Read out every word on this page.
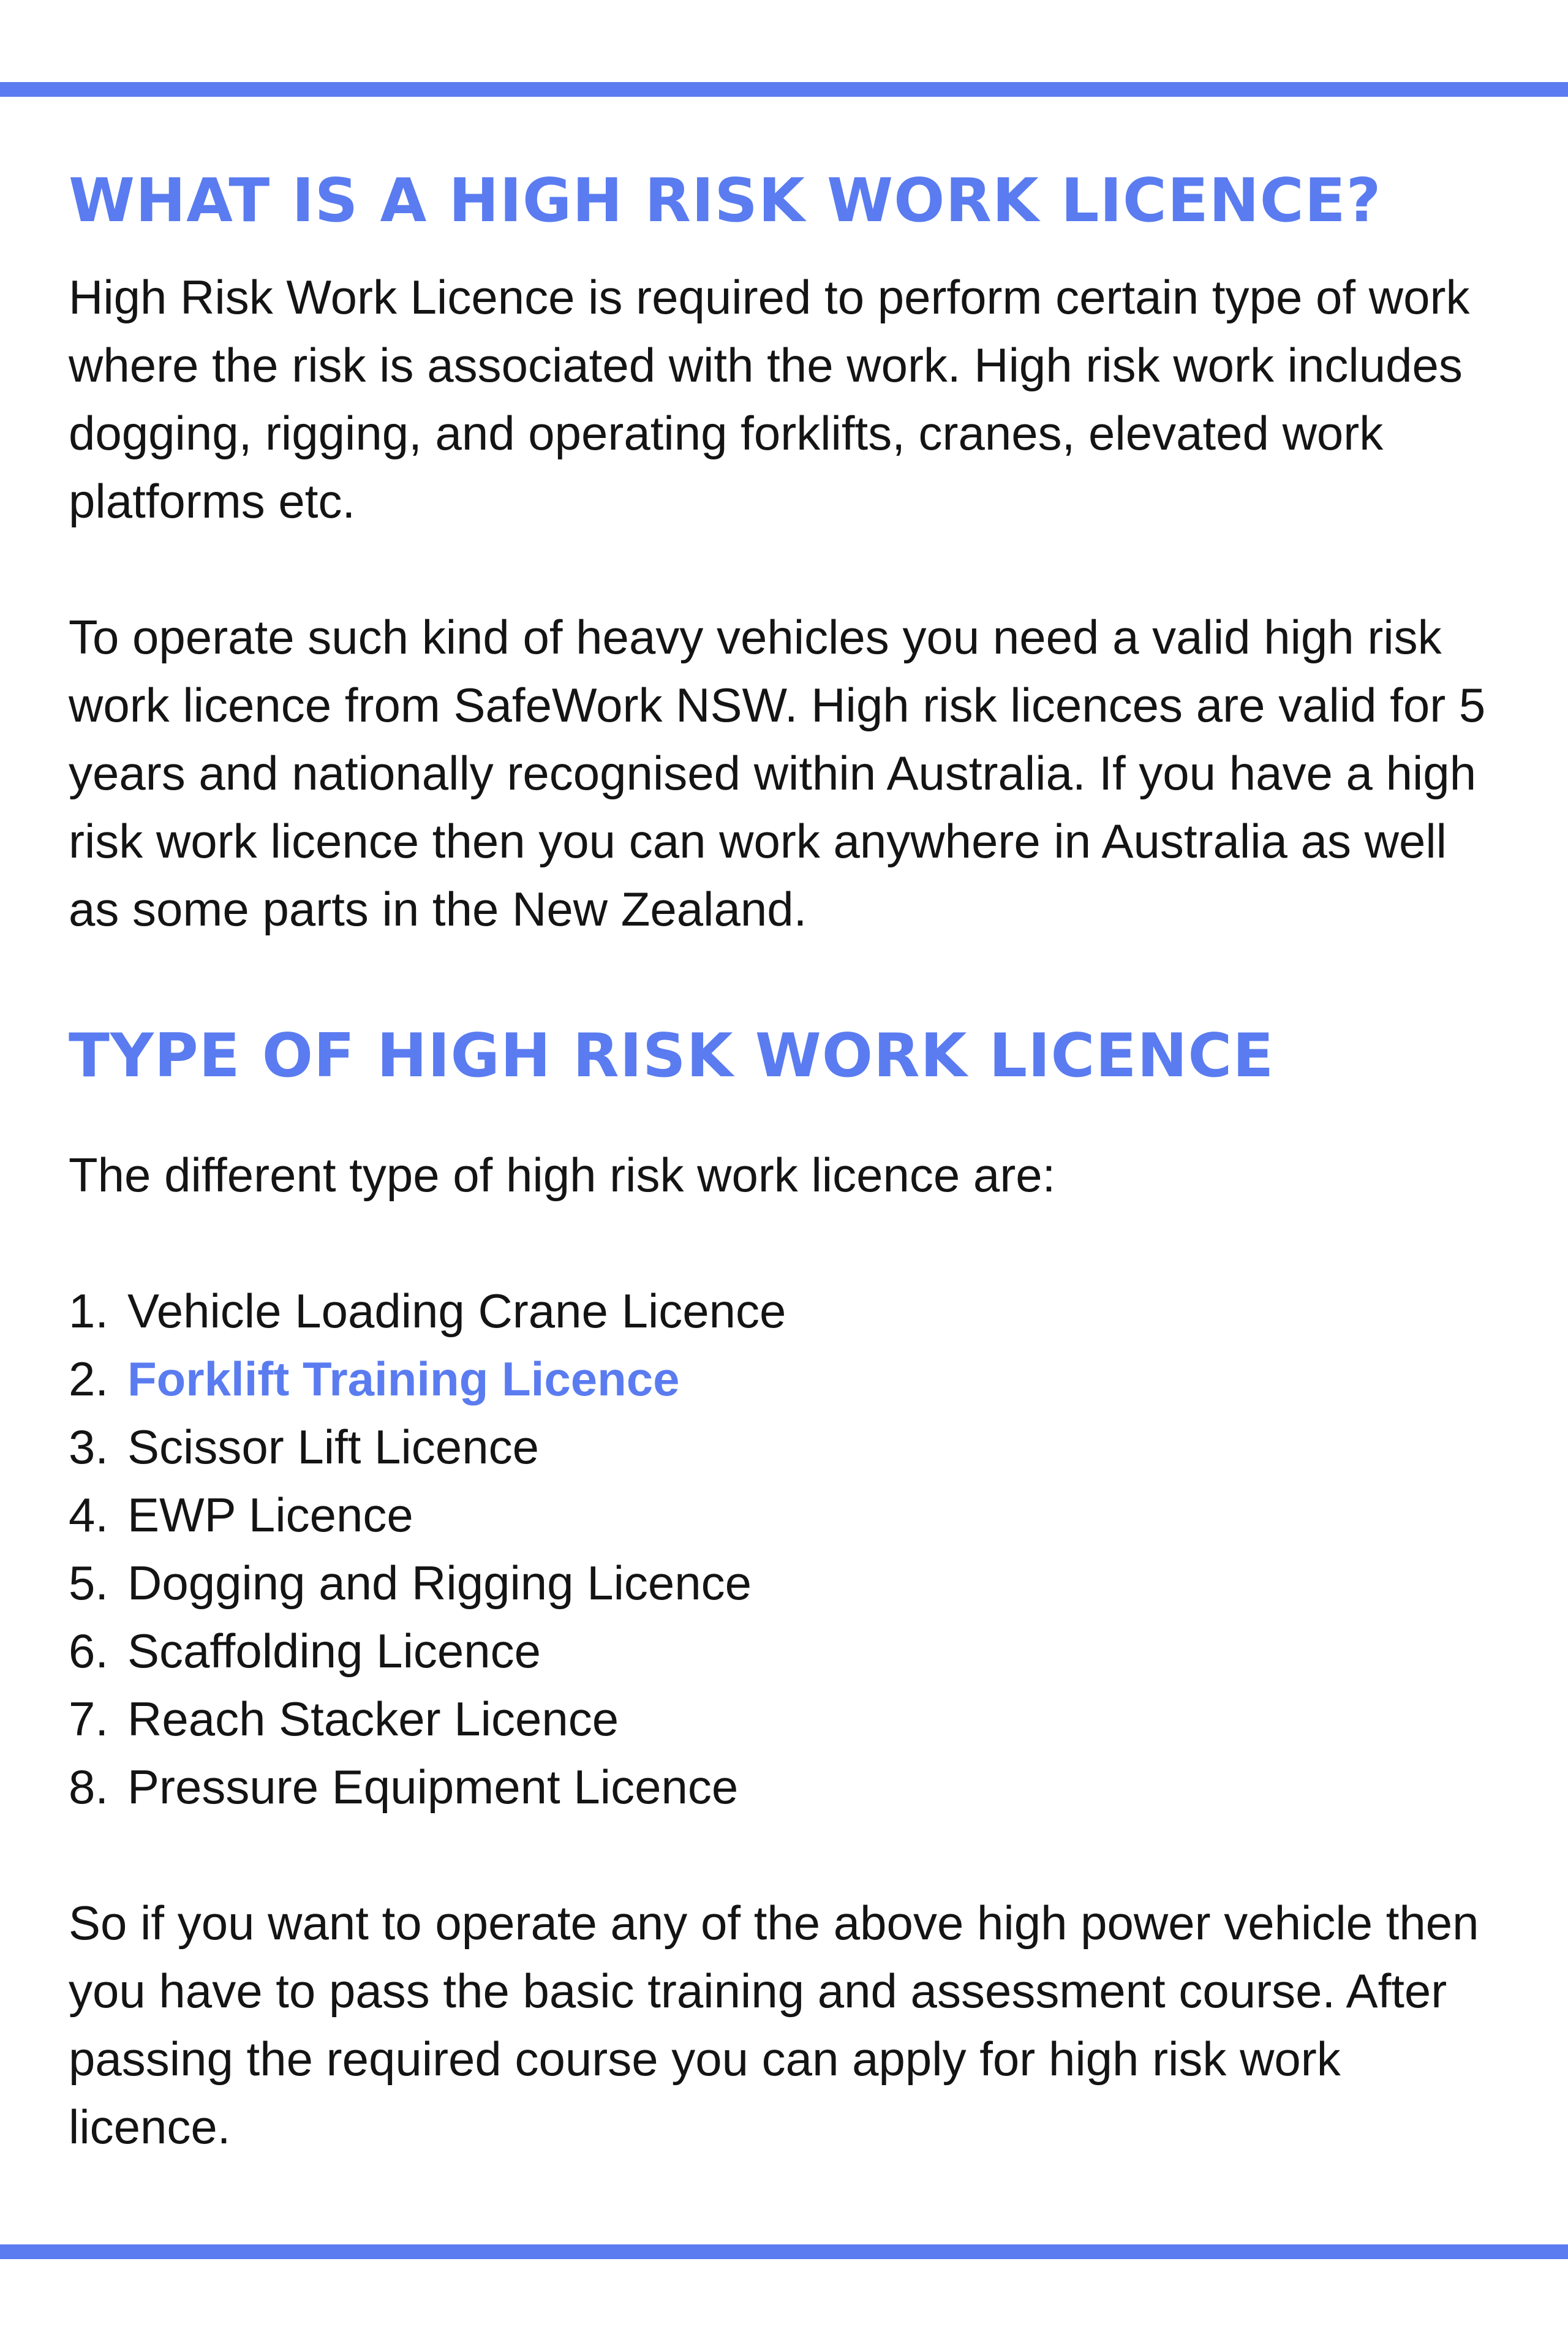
WHAT IS A HIGH RISK WORK LICENCE?

High Risk Work Licence is required to perform certain type of work where the risk is associated with the work. High risk work includes dogging, rigging, and operating forklifts, cranes, elevated work platforms etc.

To operate such kind of heavy vehicles you need a valid high risk work licence from SafeWork NSW. High risk licences are valid for 5 years and nationally recognised within Australia. If you have a high risk work licence then you can work anywhere in Australia as well as some parts in the New Zealand.

TYPE OF HIGH RISK WORK LICENCE

The different type of high risk work licence are:

1. Vehicle Loading Crane Licence
2. Forklift Training Licence
3. Scissor Lift Licence
4. EWP Licence
5. Dogging and Rigging Licence
6. Scaffolding Licence
7. Reach Stacker Licence
8. Pressure Equipment Licence

So if you want to operate any of the above high power vehicle then you have to pass the basic training and assessment course. After passing the required course you can apply for high risk work licence.
